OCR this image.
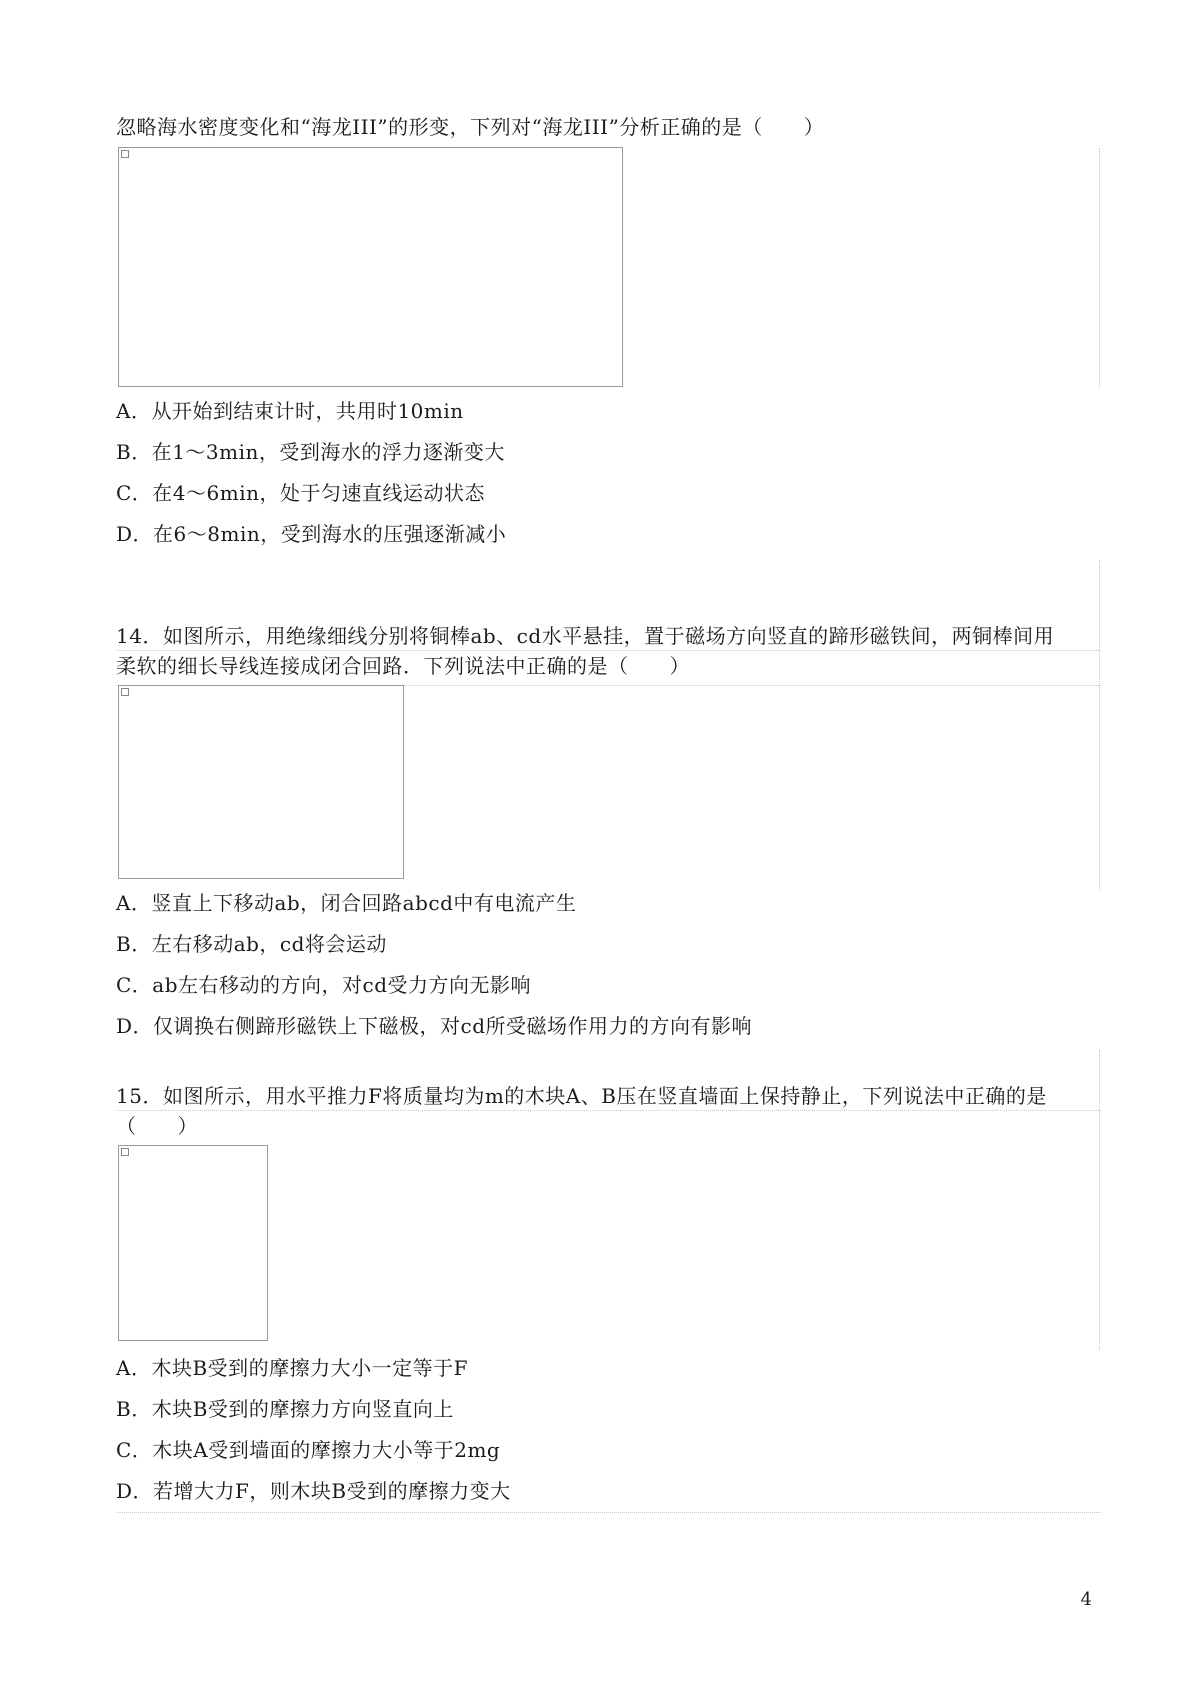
忽略海水密度变化和“海龙III”的形变，下列对“海龙III”分析正确的是（　　）
A．从开始到结束计时，共用时10min
B．在1～3min，受到海水的浮力逐渐变大
C．在4～6min，处于匀速直线运动状态
D．在6～8min，受到海水的压强逐渐减小
14．如图所示，用绝缘细线分别将铜棒ab、cd水平悬挂，置于磁场方向竖直的蹄形磁铁间，两铜棒间用
柔软的细长导线连接成闭合回路．下列说法中正确的是（　　）
A．竖直上下移动ab，闭合回路abcd中有电流产生
B．左右移动ab，cd将会运动
C．ab左右移动的方向，对cd受力方向无影响
D．仅调换右侧蹄形磁铁上下磁极，对cd所受磁场作用力的方向有影响
15．如图所示，用水平推力F将质量均为m的木块A、B压在竖直墙面上保持静止，下列说法中正确的是
（　　）
A．木块B受到的摩擦力大小一定等于F
B．木块B受到的摩擦力方向竖直向上
C．木块A受到墙面的摩擦力大小等于2mg
D．若增大力F，则木块B受到的摩擦力变大
4
